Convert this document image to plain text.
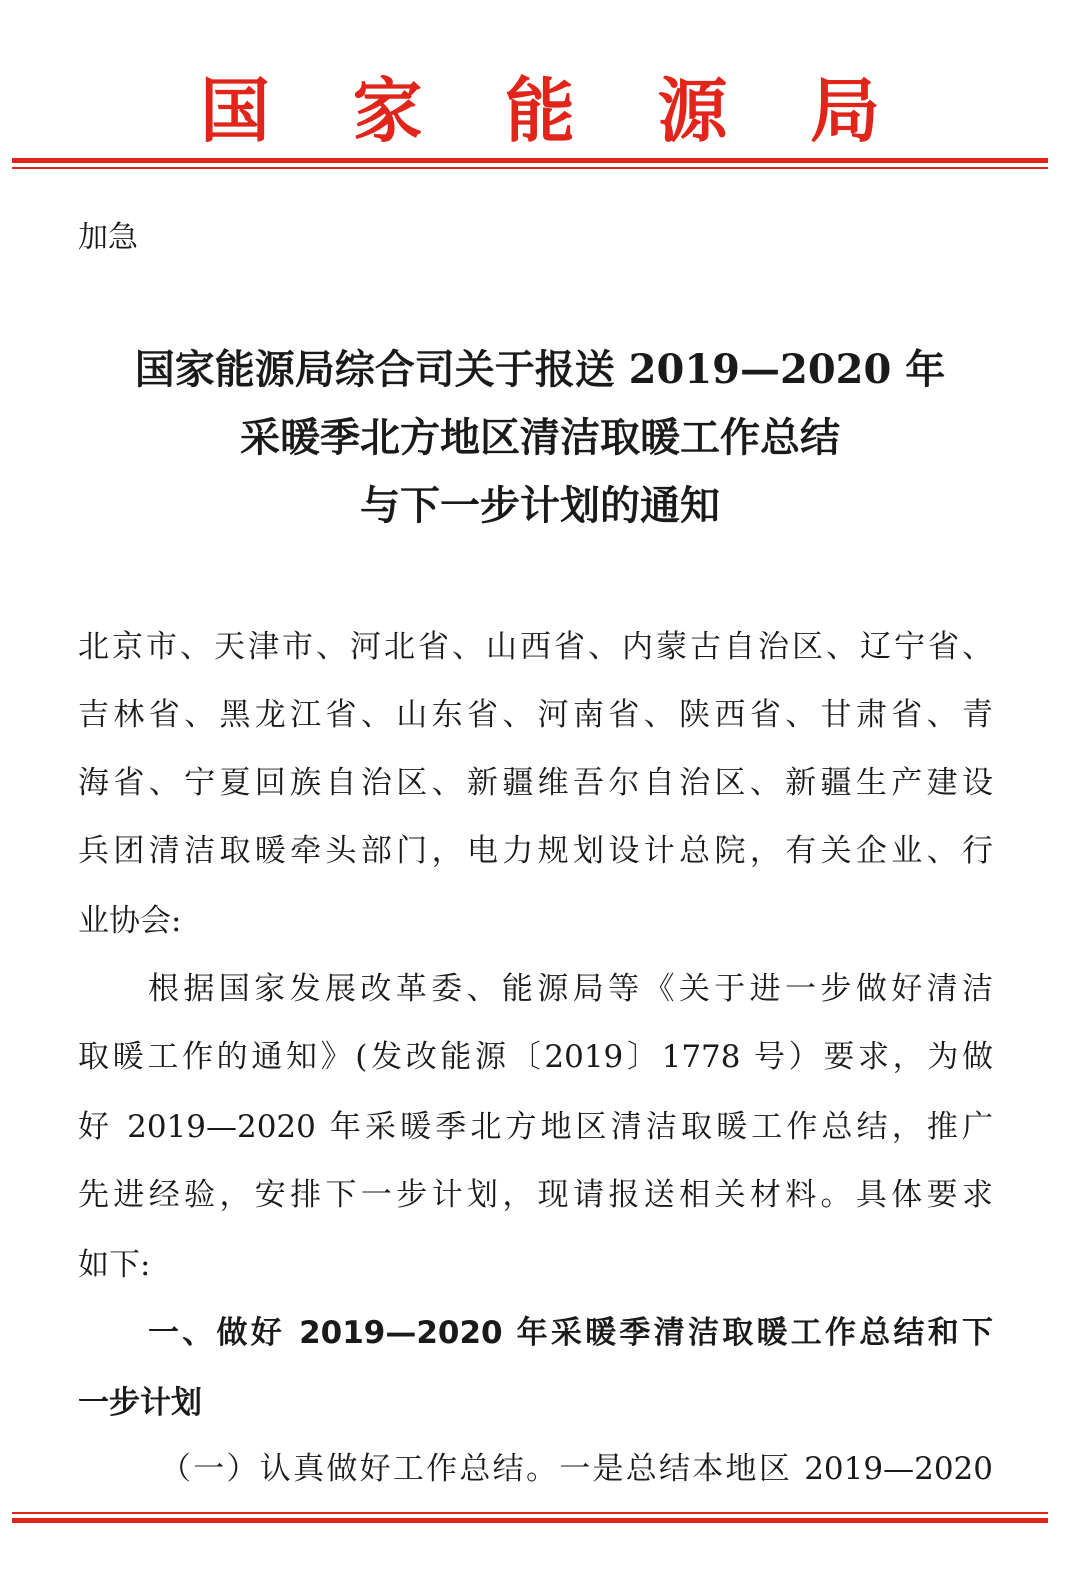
国 家 能 源 局
加急
国家能源局综合司关于报送 2019—2020 年
采暖季北方地区清洁取暖工作总结
与下一步计划的通知
北京市、天津市、河北省、山西省、内蒙古自治区、辽宁省、
吉林省、黑龙江省、山东省、河南省、陕西省、甘肃省、青
海省、宁夏回族自治区、新疆维吾尔自治区、新疆生产建设
兵团清洁取暖牵头部门，电力规划设计总院，有关企业、行
业协会:
根据国家发展改革委、能源局等《关于进一步做好清洁
取暖工作的通知》(发改能源〔2019〕1778 号）要求，为做
好 2019—2020 年采暖季北方地区清洁取暖工作总结，推广
先进经验，安排下一步计划，现请报送相关材料。具体要求
如下:
一、做好 2019—2020 年采暖季清洁取暖工作总结和下
一步计划
（一）认真做好工作总结。一是总结本地区 2019—2020
